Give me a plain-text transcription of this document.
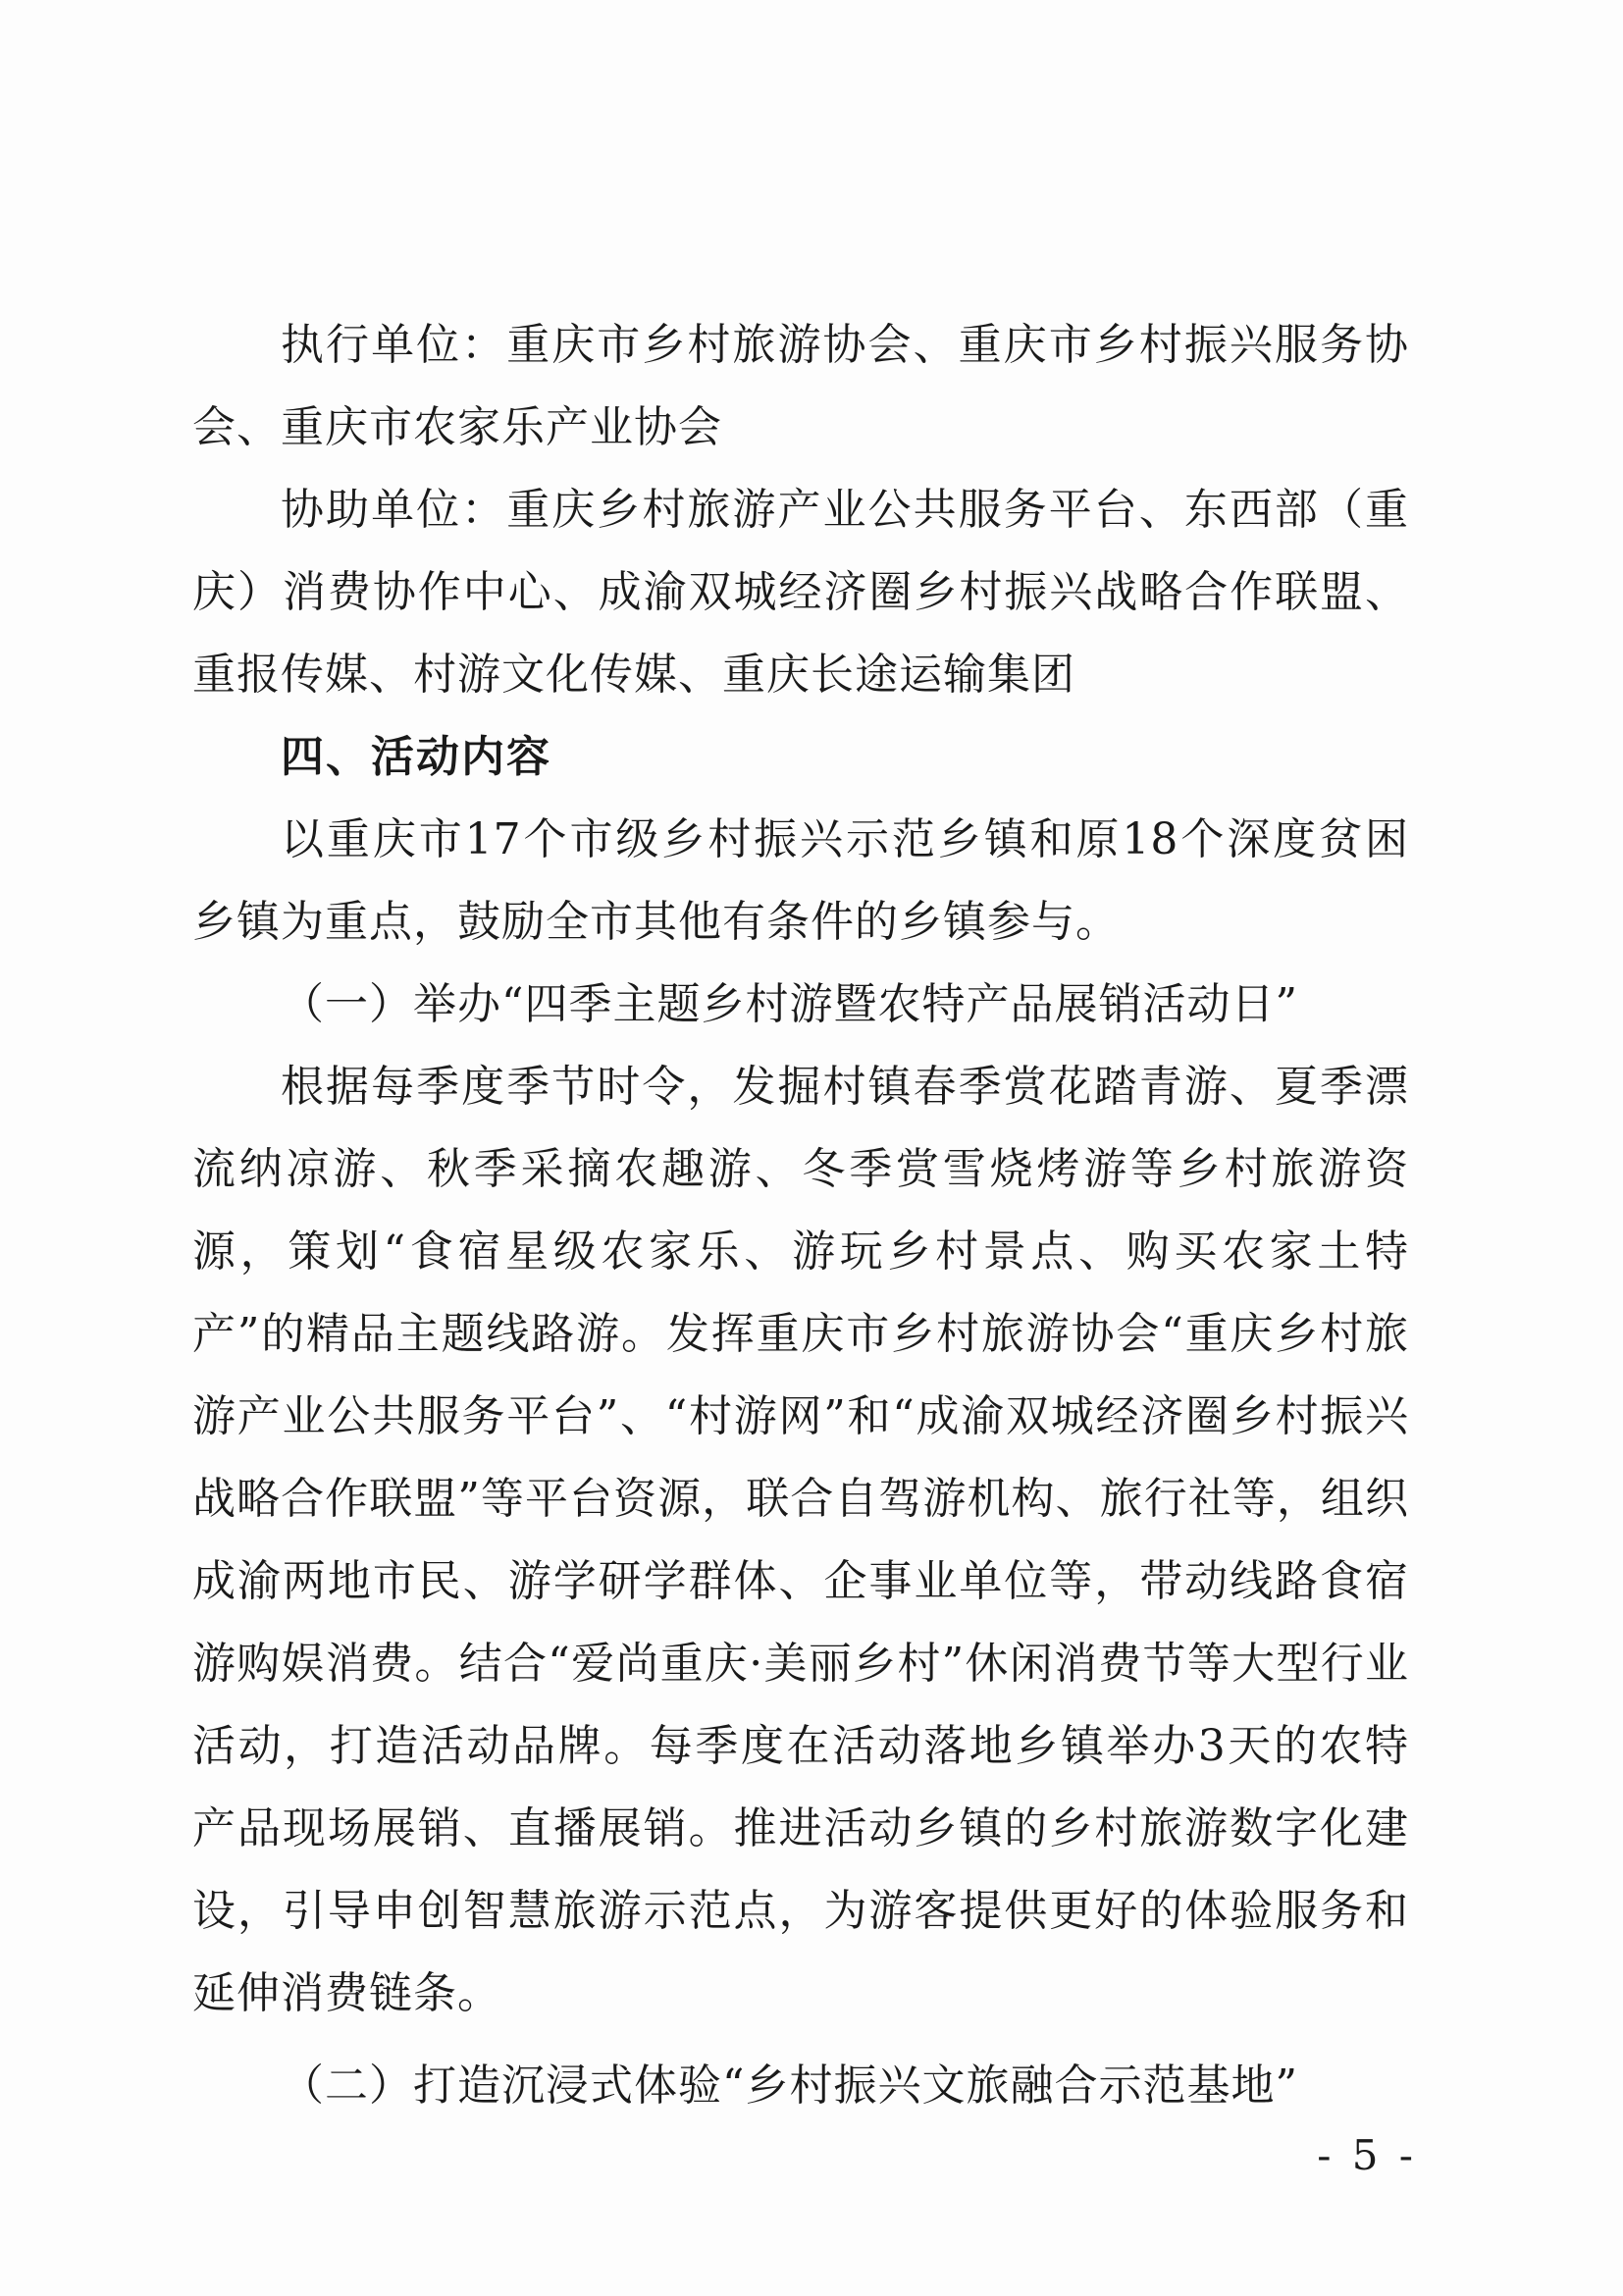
执行单位：重庆市乡村旅游协会、重庆市乡村振兴服务协会、重庆市农家乐产业协会

协助单位：重庆乡村旅游产业公共服务平台、东西部（重庆）消费协作中心、成渝双城经济圈乡村振兴战略合作联盟、重报传媒、村游文化传媒、重庆长途运输集团

四、活动内容

以重庆市17个市级乡村振兴示范乡镇和原18个深度贫困乡镇为重点，鼓励全市其他有条件的乡镇参与。

（一）举办“四季主题乡村游暨农特产品展销活动日”

根据每季度季节时令，发掘村镇春季赏花踏青游、夏季漂流纳凉游、秋季采摘农趣游、冬季赏雪烧烤游等乡村旅游资源，策划“食宿星级农家乐、游玩乡村景点、购买农家土特产”的精品主题线路游。发挥重庆市乡村旅游协会“重庆乡村旅游产业公共服务平台”、“村游网”和“成渝双城经济圈乡村振兴战略合作联盟”等平台资源，联合自驾游机构、旅行社等，组织成渝两地市民、游学研学群体、企事业单位等，带动线路食宿游购娱消费。结合“爱尚重庆·美丽乡村”休闲消费节等大型行业活动，打造活动品牌。每季度在活动落地乡镇举办3天的农特产品现场展销、直播展销。推进活动乡镇的乡村旅游数字化建设，引导申创智慧旅游示范点，为游客提供更好的体验服务和延伸消费链条。

（二）打造沉浸式体验“乡村振兴文旅融合示范基地”

- 5 -
